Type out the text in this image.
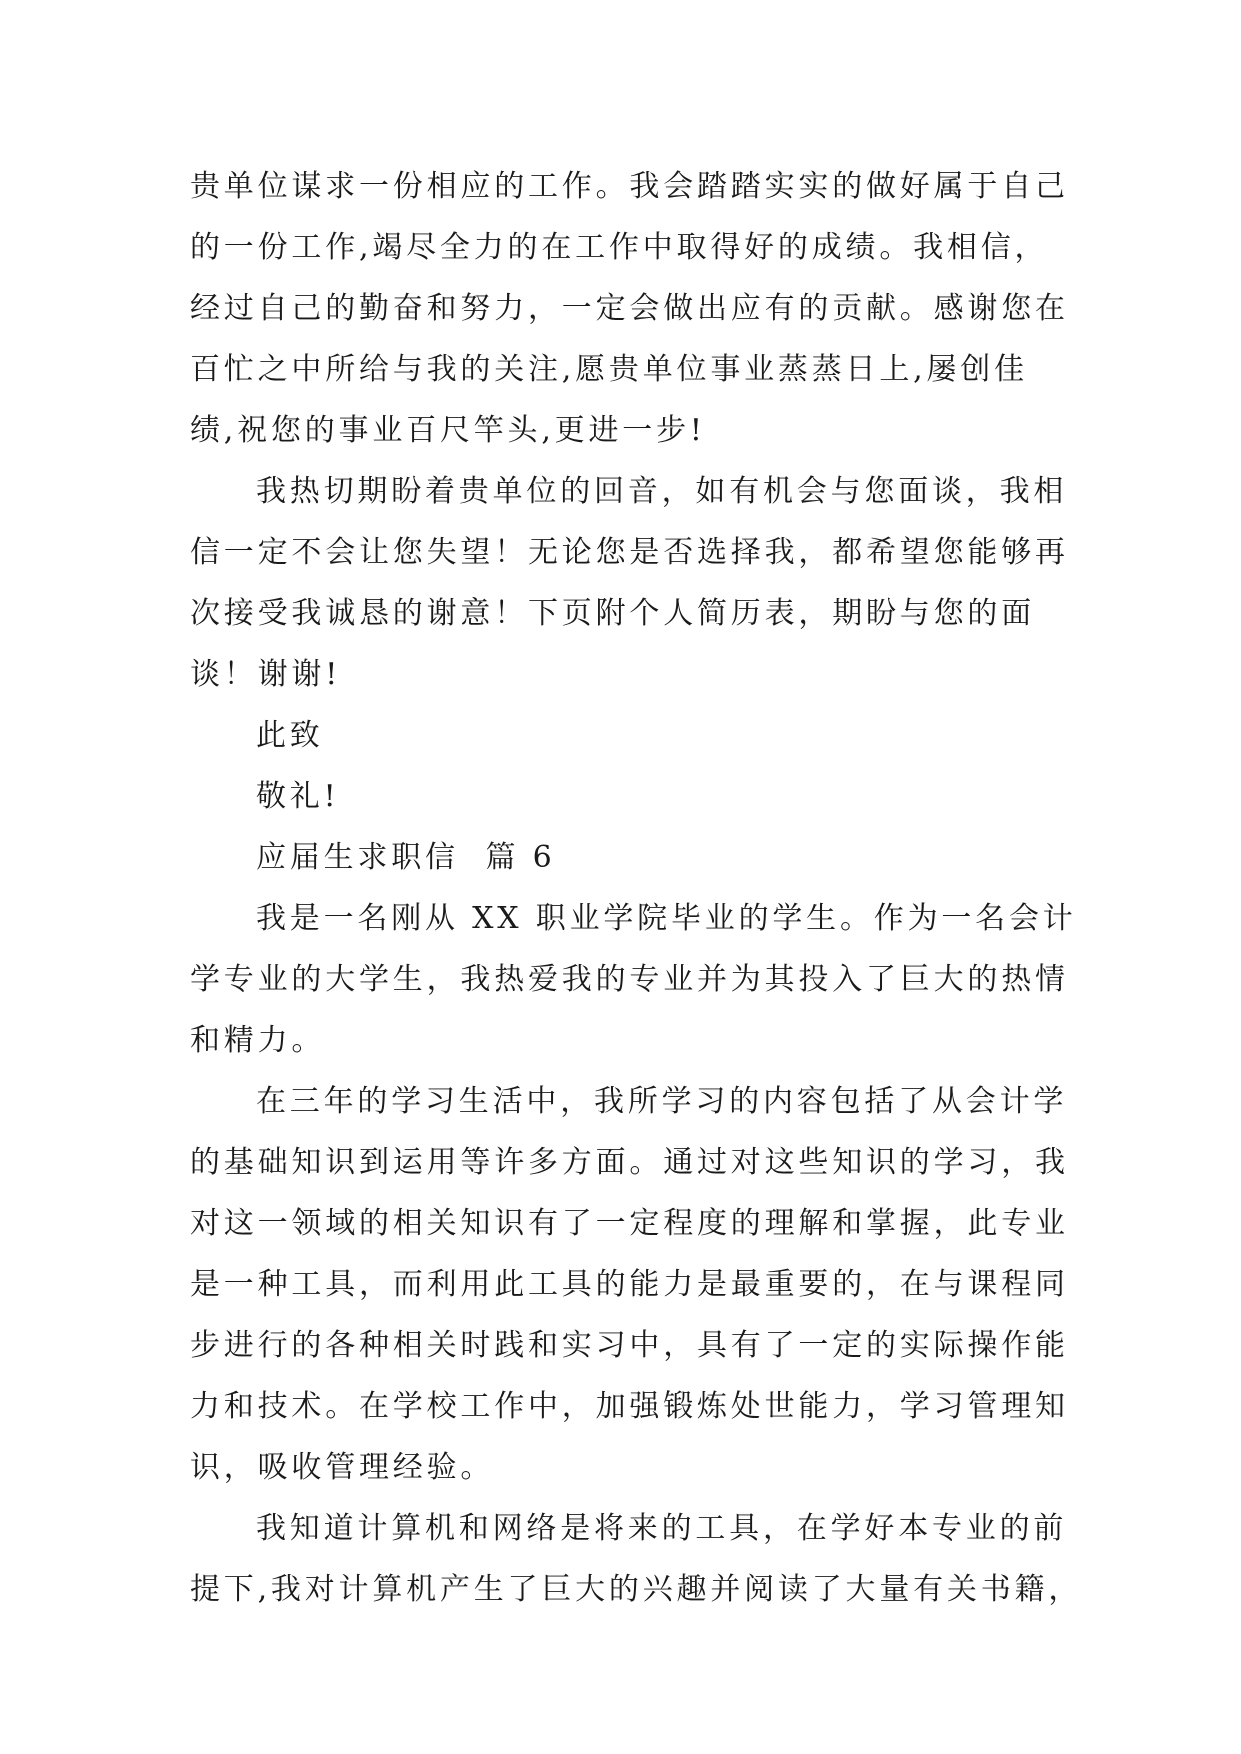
贵单位谋求一份相应的工作。我会踏踏实实的做好属于自己
的一份工作,竭尽全力的在工作中取得好的成绩。我相信，
经过自己的勤奋和努力，一定会做出应有的贡献。感谢您在
百忙之中所给与我的关注,愿贵单位事业蒸蒸日上,屡创佳
绩,祝您的事业百尺竿头,更进一步!
我热切期盼着贵单位的回音，如有机会与您面谈，我相
信一定不会让您失望！无论您是否选择我，都希望您能够再
次接受我诚恳的谢意！下页附个人简历表，期盼与您的面
谈！谢谢!
此致
敬礼!
应届生求职信  篇 6
我是一名刚从 XX 职业学院毕业的学生。作为一名会计
学专业的大学生，我热爱我的专业并为其投入了巨大的热情
和精力。
在三年的学习生活中，我所学习的内容包括了从会计学
的基础知识到运用等许多方面。通过对这些知识的学习，我
对这一领域的相关知识有了一定程度的理解和掌握，此专业
是一种工具，而利用此工具的能力是最重要的，在与课程同
步进行的各种相关时践和实习中，具有了一定的实际操作能
力和技术。在学校工作中，加强锻炼处世能力，学习管理知
识，吸收管理经验。
我知道计算机和网络是将来的工具，在学好本专业的前
提下,我对计算机产生了巨大的兴趣并阅读了大量有关书籍，
